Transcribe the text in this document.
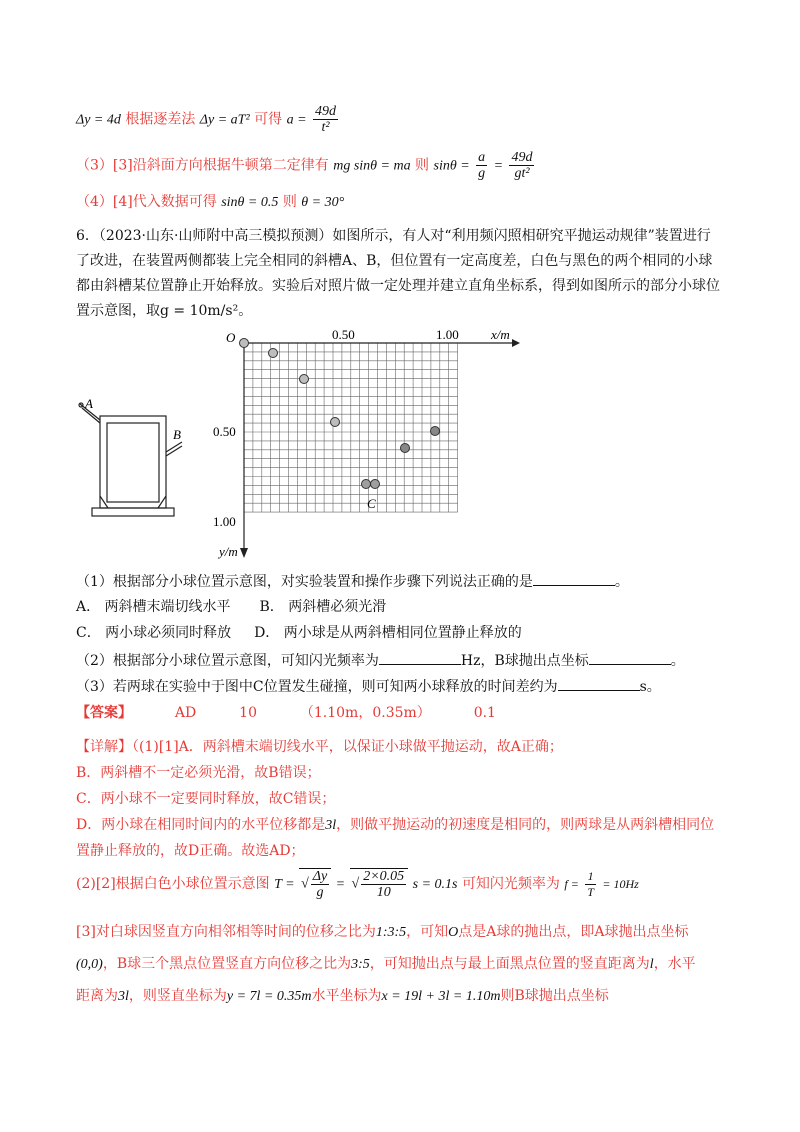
Δy = 4d 根据逐差法 Δy = aT² 可得 $a = \frac{49d}{\text{t²}}$
（3）[3]沿斜面方向根据牛顿第二定律有 mg sinθ = ma 则 $\sin\theta = \frac{a}{g} = \frac{49d}{\text{gt²}}$
（4）[4]代入数据可得 sinθ = 0.5 则 θ = 30°
6．（2023·山东·山师附中高三模拟预测）如图所示，有人对“利用频闪照相研究平抛运动规律”装置进行
了改进，在装置两侧都装上完全相同的斜槽A、B，但位置有一定高度差，白色与黑色的两个相同的小球
都由斜槽某位置静止开始释放。实验后对照片做一定处理并建立直角坐标系，得到如图所示的部分小球位
置示意图，取g = 10m/s²。
A
B
O	0.50	1.00 x/m
0.50
1.00
y/m
C
（1）根据部分小球位置示意图，对实验装置和操作步骤下列说法正确的是	。
A． 两斜槽末端切线水平 B． 两斜槽必须光滑
C． 两小球必须同时释放 D． 两小球是从两斜槽相同位置静止释放的
（2）根据部分小球位置示意图，可知闪光频率为	Hz，B球抛出点坐标	。
（3）若两球在实验中于图中C位置发生碰撞，则可知两小球释放的时间差约为	s。
【答案】	AD	10	（1.10m，0.35m）	0.1
【详解】（(1)[1]A．两斜槽末端切线水平，以保证小球做平抛运动，故A正确；
B．两斜槽不一定必须光滑，故B错误；
C．两小球不一定要同时释放，故C错误；
D．两小球在相同时间内的水平位移都是3l，则做平抛运动的初速度是相同的，则两球是从两斜槽相同位
置静止释放的，故D正确。故选AD；
(2)[2]根据白色小球位置示意图 T = √ $\frac{\Delta y}{g}$ = √ $\frac{2\times 0.05}{10}$ s = 0.1s 可知闪光频率为 $f = \frac{1}{T} = 10Hz$
[3]对白球因竖直方向相邻相等时间的位移之比为1:3:5，可知O点是A球的抛出点，即A球抛出点坐标
(0,0)，B球三个黑点位置竖直方向位移之比为3:5，可知抛出点与最上面黑点位置的竖直距离为l，水平
距离为3l，则竖直坐标为y = 7l = 0.35m水平坐标为x = 19l + 3l = 1.10m则B球抛出点坐标
